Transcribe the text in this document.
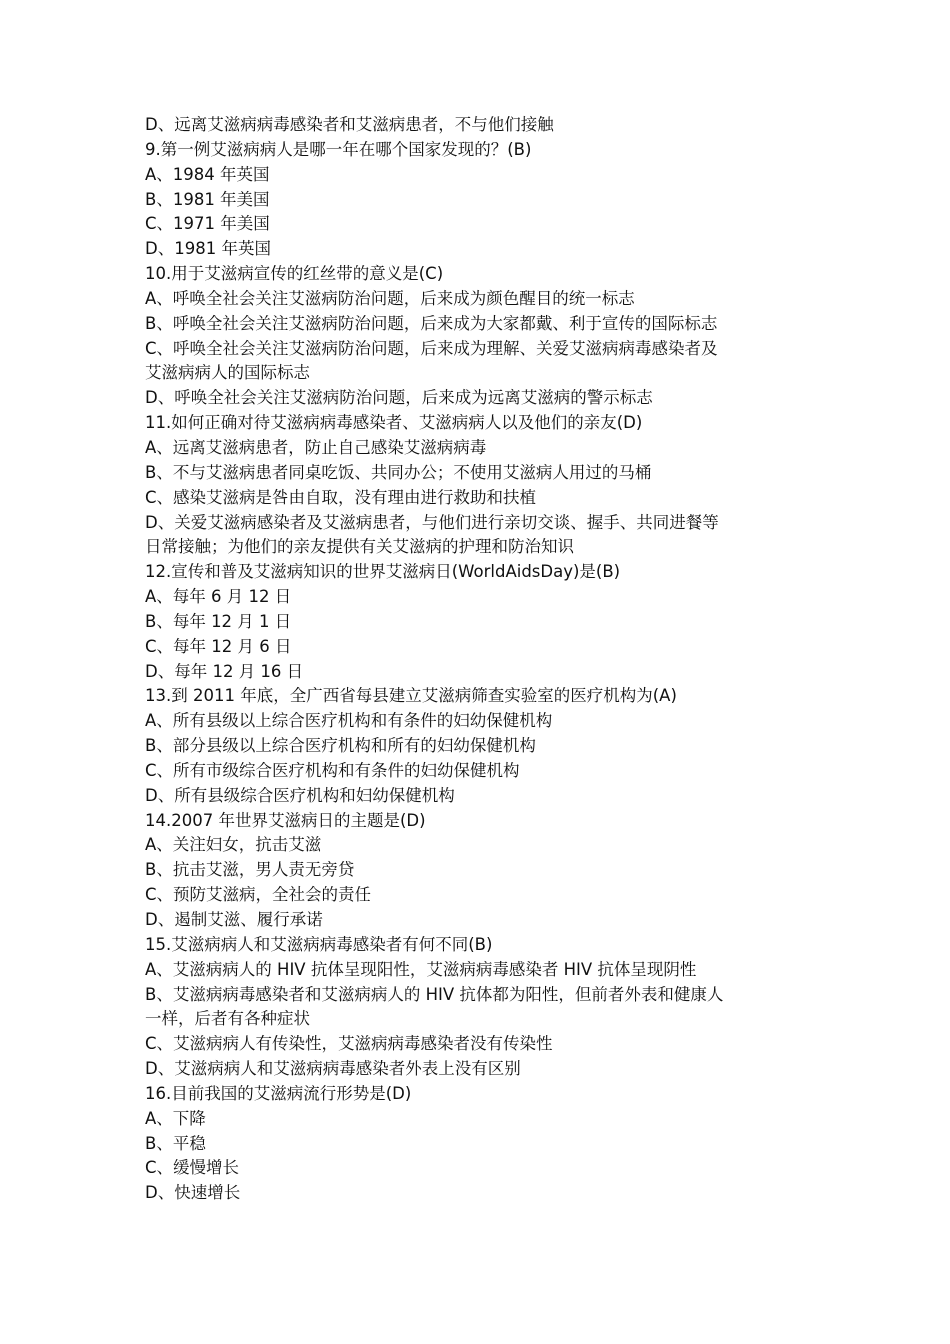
D、远离艾滋病病毒感染者和艾滋病患者，不与他们接触
9.第一例艾滋病病人是哪一年在哪个国家发现的？(B)
A、1984 年英国
B、1981 年美国
C、1971 年美国
D、1981 年英国
10.用于艾滋病宣传的红丝带的意义是(C)
A、呼唤全社会关注艾滋病防治问题，后来成为颜色醒目的统一标志
B、呼唤全社会关注艾滋病防治问题，后来成为大家都戴、利于宣传的国际标志
C、呼唤全社会关注艾滋病防治问题，后来成为理解、关爱艾滋病病毒感染者及
艾滋病病人的国际标志
D、呼唤全社会关注艾滋病防治问题，后来成为远离艾滋病的警示标志
11.如何正确对待艾滋病病毒感染者、艾滋病病人以及他们的亲友(D)
A、远离艾滋病患者，防止自己感染艾滋病病毒
B、不与艾滋病患者同桌吃饭、共同办公；不使用艾滋病人用过的马桶
C、感染艾滋病是咎由自取，没有理由进行救助和扶植
D、关爱艾滋病感染者及艾滋病患者，与他们进行亲切交谈、握手、共同进餐等
日常接触；为他们的亲友提供有关艾滋病的护理和防治知识
12.宣传和普及艾滋病知识的世界艾滋病日(WorldAidsDay)是(B)
A、每年 6 月 12 日
B、每年 12 月 1 日
C、每年 12 月 6 日
D、每年 12 月 16 日
13.到 2011 年底，全广西省每县建立艾滋病筛查实验室的医疗机构为(A)
A、所有县级以上综合医疗机构和有条件的妇幼保健机构
B、部分县级以上综合医疗机构和所有的妇幼保健机构
C、所有市级综合医疗机构和有条件的妇幼保健机构
D、所有县级综合医疗机构和妇幼保健机构
14.2007 年世界艾滋病日的主题是(D)
A、关注妇女，抗击艾滋
B、抗击艾滋，男人责无旁贷
C、预防艾滋病，全社会的责任
D、遏制艾滋、履行承诺
15.艾滋病病人和艾滋病病毒感染者有何不同(B)
A、艾滋病病人的 HIV 抗体呈现阳性，艾滋病病毒感染者 HIV 抗体呈现阴性
B、艾滋病病毒感染者和艾滋病病人的 HIV 抗体都为阳性，但前者外表和健康人
一样，后者有各种症状
C、艾滋病病人有传染性，艾滋病病毒感染者没有传染性
D、艾滋病病人和艾滋病病毒感染者外表上没有区别
16.目前我国的艾滋病流行形势是(D)
A、下降
B、平稳
C、缓慢增长
D、快速增长
